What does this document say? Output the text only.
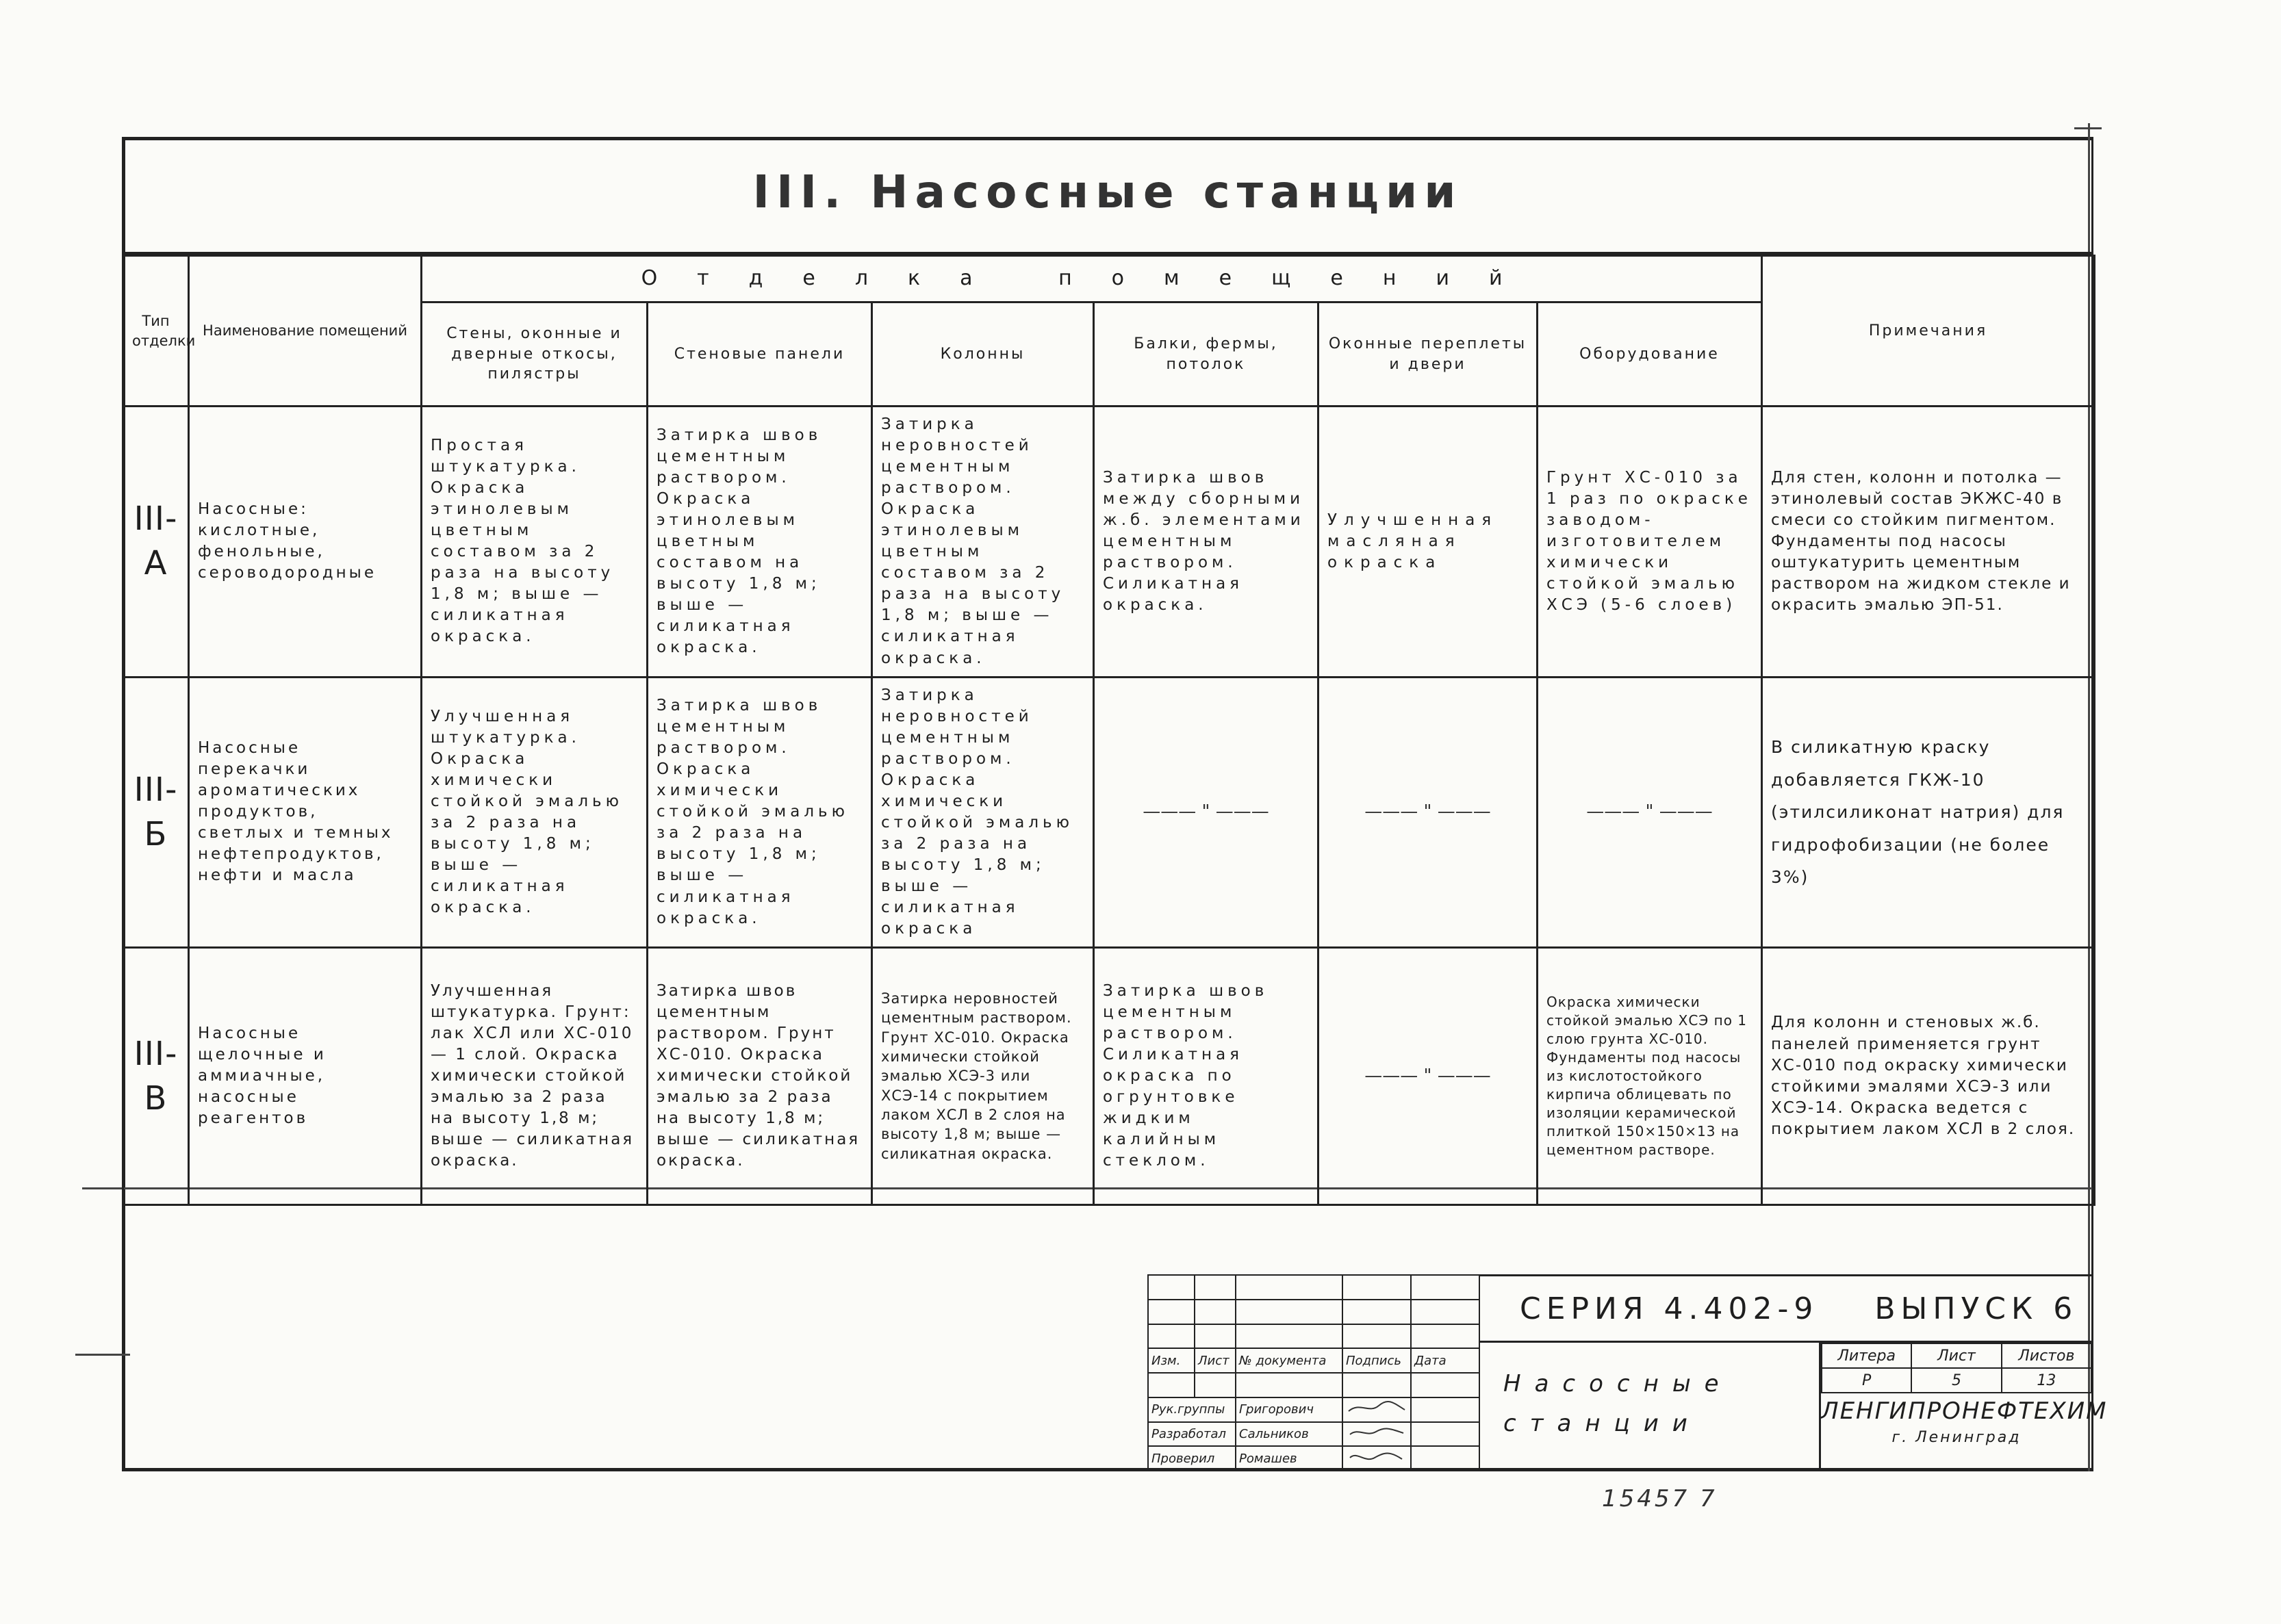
III. Насосные станции
Тип отделки	Наименование помещений	Отделка помещений						Примечания
		Стены, оконные и дверные откосы, пилястры	Стеновые панели	Колонны	Балки, фермы, потолок	Оконные переплеты и двери	Оборудование	
III-А	Насосные: кислотные, фенольные, сероводородные	Простая штукатурка. Окраска этинолевым цветным составом за 2 раза на высоту 1,8 м; выше — силикатная окраска.	Затирка швов цементным раствором. Окраска этинолевым цветным составом на высоту 1,8 м; выше — силикатная окраска.	Затирка неровностей цементным раствором. Окраска этинолевым цветным составом за 2 раза на высоту 1,8 м; выше — силикатная окраска.	Затирка швов между сборными ж.б. элементами цементным раствором. Силикатная окраска.	Улучшенная масляная окраска	Грунт ХС-010 за 1 раз по окраске заводом-изготовителем химически стойкой эмалью ХСЭ (5-6 слоев)	Для стен, колонн и потолка — этинолевый состав ЭКЖС-40 в смеси со стойким пигментом. Фундаменты под насосы оштукатурить цементным раствором на жидком стекле и окрасить эмалью ЭП-51.
III-Б	Насосные перекачки ароматических продуктов, светлых и темных нефтепродуктов, нефти и масла	Улучшенная штукатурка. Окраска химически стойкой эмалью за 2 раза на высоту 1,8 м; выше — силикатная окраска.	Затирка швов цементным раствором. Окраска химически стойкой эмалью за 2 раза на высоту 1,8 м; выше — силикатная окраска.	Затирка неровностей цементным раствором. Окраска химически стойкой эмалью за 2 раза на высоту 1,8 м; выше — силикатная окраска	——— " ———	——— " ———	——— " ———	В силикатную краску добавляется ГКЖ-10 (этилсиликонат натрия) для гидрофобизации (не более 3%)
III-В	Насосные щелочные и аммиачные, насосные реагентов	Улучшенная штукатурка. Грунт: лак ХСЛ или ХС-010 — 1 слой. Окраска химически стойкой эмалью за 2 раза на высоту 1,8 м; выше — силикатная окраска.	Затирка швов цементным раствором. Грунт ХС-010. Окраска химически стойкой эмалью за 2 раза на высоту 1,8 м; выше — силикатная окраска.	Затирка неровностей цементным раствором. Грунт ХС-010. Окраска химически стойкой эмалью ХСЭ-3 или ХСЭ-14 с покрытием лаком ХСЛ в 2 слоя на высоту 1,8 м; выше — силикатная окраска.	Затирка швов цементным раствором. Силикатная окраска по огрунтовке жидким калийным стеклом.	——— " ———	Окраска химически стойкой эмалью ХСЭ по 1 слою грунта ХС-010. Фундаменты под насосы из кислотостойкого кирпича облицевать по изоляции керамической плиткой 150×150×13 на цементном растворе.	Для колонн и стеновых ж.б. панелей применяется грунт ХС-010 под окраску химически стойкими эмалями ХСЭ-3 или ХСЭ-14. Окраска ведется с покрытием лаком ХСЛ в 2 слоя.

Изм.	Лист	№ документа	Подпись	Дата

Рук.группы		Григорович		
Разработал		Сальников		
Проверил		Ромашев		
СЕРИЯ 4.402-9 ВЫПУСК 6
Насосные станции
Литера	Лист	Листов
Р	5	13
ЛЕНГИПРОНЕФТЕХИМ
г. Ленинград
15457 7
